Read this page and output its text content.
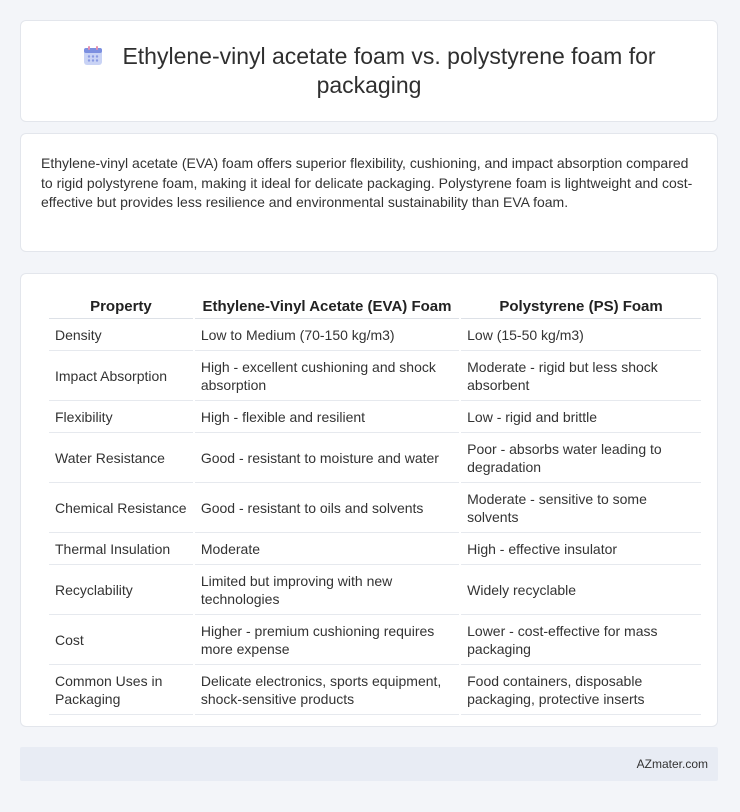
Ethylene-vinyl acetate foam vs. polystyrene foam for packaging
Ethylene-vinyl acetate (EVA) foam offers superior flexibility, cushioning, and impact absorption compared to rigid polystyrene foam, making it ideal for delicate packaging. Polystyrene foam is lightweight and cost-effective but provides less resilience and environmental sustainability than EVA foam.
Property	Ethylene-Vinyl Acetate (EVA) Foam	Polystyrene (PS) Foam
Density	Low to Medium (70-150 kg/m3)	Low (15-50 kg/m3)
Impact Absorption	High - excellent cushioning and shock absorption	Moderate - rigid but less shock absorbent
Flexibility	High - flexible and resilient	Low - rigid and brittle
Water Resistance	Good - resistant to moisture and water	Poor - absorbs water leading to degradation
Chemical Resistance	Good - resistant to oils and solvents	Moderate - sensitive to some solvents
Thermal Insulation	Moderate	High - effective insulator
Recyclability	Limited but improving with new technologies	Widely recyclable
Cost	Higher - premium cushioning requires more expense	Lower - cost-effective for mass packaging
Common Uses in Packaging	Delicate electronics, sports equipment, shock-sensitive products	Food containers, disposable packaging, protective inserts
AZmater.com
